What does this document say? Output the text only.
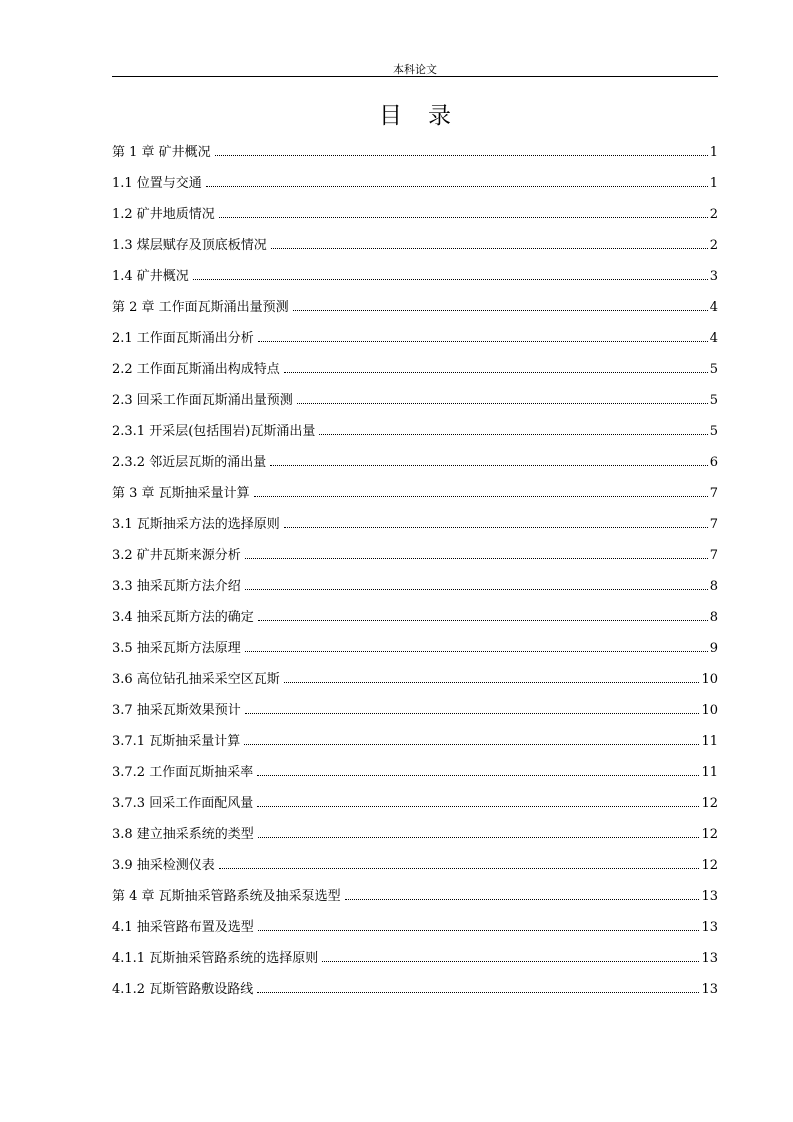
本科论文
目录
第 1 章 矿井概况	1
1.1 位置与交通	1
1.2 矿井地质情况	2
1.3 煤层赋存及顶底板情况	2
1.4 矿井概况	3
第 2 章 工作面瓦斯涌出量预测	4
2.1 工作面瓦斯涌出分析	4
2.2 工作面瓦斯涌出构成特点	5
2.3 回采工作面瓦斯涌出量预测	5
2.3.1 开采层(包括围岩)瓦斯涌出量	5
2.3.2 邻近层瓦斯的涌出量	6
第 3 章 瓦斯抽采量计算	7
3.1 瓦斯抽采方法的选择原则	7
3.2 矿井瓦斯来源分析	7
3.3 抽采瓦斯方法介绍	8
3.4 抽采瓦斯方法的确定	8
3.5 抽采瓦斯方法原理	9
3.6 高位钻孔抽采采空区瓦斯	10
3.7 抽采瓦斯效果预计	10
3.7.1 瓦斯抽采量计算	11
3.7.2 工作面瓦斯抽采率	11
3.7.3 回采工作面配风量	12
3.8 建立抽采系统的类型	12
3.9 抽采检测仪表	12
第 4 章 瓦斯抽采管路系统及抽采泵选型	13
4.1 抽采管路布置及选型	13
4.1.1 瓦斯抽采管路系统的选择原则	13
4.1.2 瓦斯管路敷设路线	13
